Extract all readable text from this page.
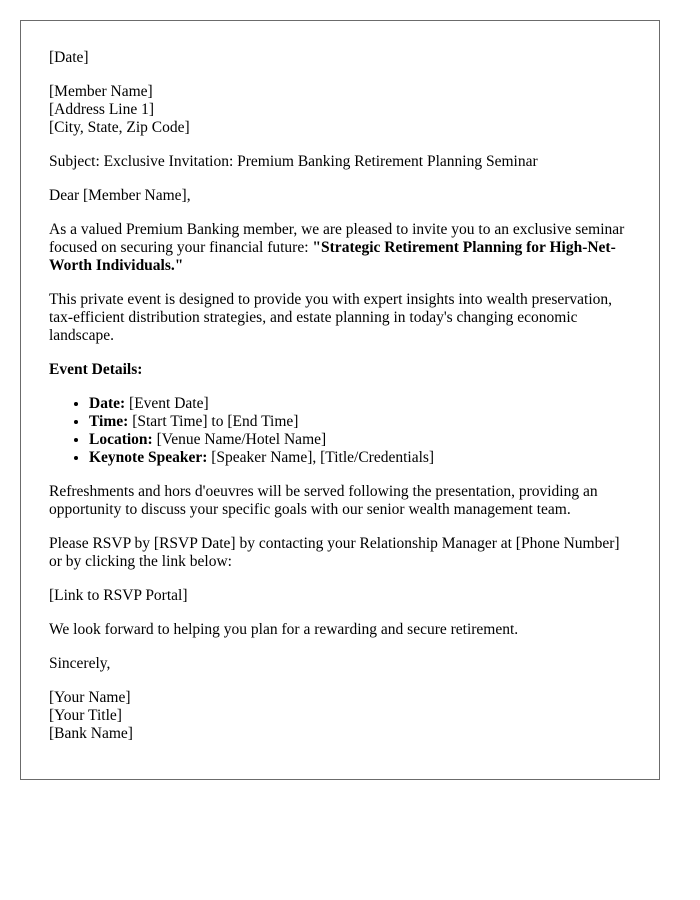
[Date]

[Member Name]
[Address Line 1]
[City, State, Zip Code]

Subject: Exclusive Invitation: Premium Banking Retirement Planning Seminar

Dear [Member Name],

As a valued Premium Banking member, we are pleased to invite you to an exclusive seminar focused on securing your financial future: "Strategic Retirement Planning for High-Net-Worth Individuals."

This private event is designed to provide you with expert insights into wealth preservation, tax-efficient distribution strategies, and estate planning in today's changing economic landscape.

Event Details:

• Date: [Event Date]
• Time: [Start Time] to [End Time]
• Location: [Venue Name/Hotel Name]
• Keynote Speaker: [Speaker Name], [Title/Credentials]

Refreshments and hors d'oeuvres will be served following the presentation, providing an opportunity to discuss your specific goals with our senior wealth management team.

Please RSVP by [RSVP Date] by contacting your Relationship Manager at [Phone Number] or by clicking the link below:

[Link to RSVP Portal]

We look forward to helping you plan for a rewarding and secure retirement.

Sincerely,

[Your Name]
[Your Title]
[Bank Name]
